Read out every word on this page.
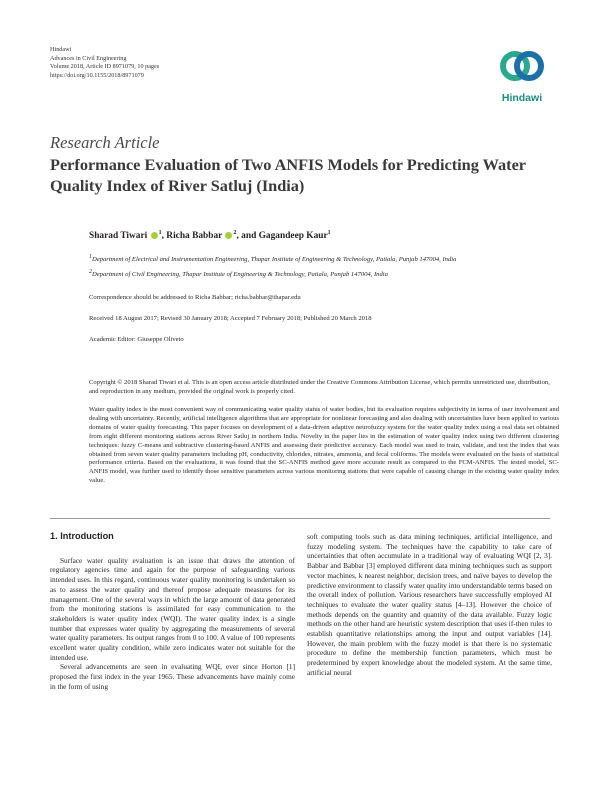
Hindawi
Advances in Civil Engineering
Volume 2018, Article ID 8971079, 10 pages
https://doi.org/10.1155/2018/8971079
Hindawi
Research Article
Performance Evaluation of Two ANFIS Models for Predicting Water Quality Index of River Satluj (India)
Sharad Tiwari $^1$, Richa Babbar $^2$, and Gagandeep Kaur$^1$

$^1$Department of Electrical and Instrumentation Engineering, Thapar Institute of Engineering & Technology, Patiala, Punjab 147004, India

$^2$Department of Civil Engineering, Thapar Institute of Engineering & Technology, Patiala, Punjab 147004, India

Correspondence should be addressed to Richa Babbar; richa.babbar@thapar.edu
Received 18 August 2017; Revised 30 January 2018; Accepted 7 February 2018; Published 20 March 2018
Academic Editor: Giuseppe Oliveto
Copyright © 2018 Sharad Tiwari et al. This is an open access article distributed under the Creative Commons Attribution License, which permits unrestricted use, distribution, and reproduction in any medium, provided the original work is properly cited.
Water quality index is the most convenient way of communicating water quality status of water bodies, but its evaluation requires subjectivity in terms of user involvement and dealing with uncertainty. Recently, artificial intelligence algorithms that are appropriate for nonlinear forecasting and also dealing with uncertainties have been applied to various domains of water quality forecasting. This paper focuses on development of a data-driven adaptive neurofuzzy system for the water quality index using a real data set obtained from eight different monitoring stations across River Satluj in northern India. Novelty in the paper lies in the estimation of water quality index using two different clustering techniques: fuzzy C-means and subtractive clustering-based ANFIS and assessing their predictive accuracy. Each model was used to train, validate, and test the index that was obtained from seven water quality parameters including pH, conductivity, chlorides, nitrates, ammonia, and fecal coliforms. The models were evaluated on the basis of statistical performance criteria. Based on the evaluations, it was found that the SC-ANFIS method gave more accurate result as compared to the FCM-ANFIS. The tested model, SC-ANFIS model, was further used to identify those sensitive parameters across various monitoring stations that were capable of causing change in the existing water quality index value.
1. Introduction

Surface water quality evaluation is an issue that draws the attention of regulatory agencies time and again for the purpose of safeguarding various intended uses. In this regard, continuous water quality monitoring is undertaken so as to assess the water quality and thereof propose adequate measures for its management. One of the several ways in which the large amount of data generated from the monitoring stations is assimilated for easy communication to the stakeholders is water quality index (WQI). The water quality index is a single number that expresses water quality by aggregating the measurements of several water quality parameters. Its output ranges from 0 to 100. A value of 100 represents excellent water quality condition, while zero indicates water not suitable for the intended use.

Several advancements are seen in evaluating WQI, ever since Horton [1] proposed the first index in the year 1965. These advancements have mainly come in the form of using

soft computing tools such as data mining techniques, artificial intelligence, and fuzzy modeling system. The techniques have the capability to take care of uncertainties that often accumulate in a traditional way of evaluating WQI [2, 3]. Babbar and Babbar [3] employed different data mining techniques such as support vector machines, k nearest neighbor, decision trees, and naïve bayes to develop the predictive environment to classify water quality into understandable terms based on the overall index of pollution. Various researchers have successfully employed AI techniques to evaluate the water quality status [4–13]. However the choice of methods depends on the quantity and quantity of the data available. Fuzzy logic methods on the other hand are heuristic system description that uses if-then rules to establish quantitative relationships among the input and output variables [14]. However, the main problem with the fuzzy model is that there is no systematic procedure to define the membership function parameters, which must be predetermined by expert knowledge about the modeled system. At the same time, artificial neural
